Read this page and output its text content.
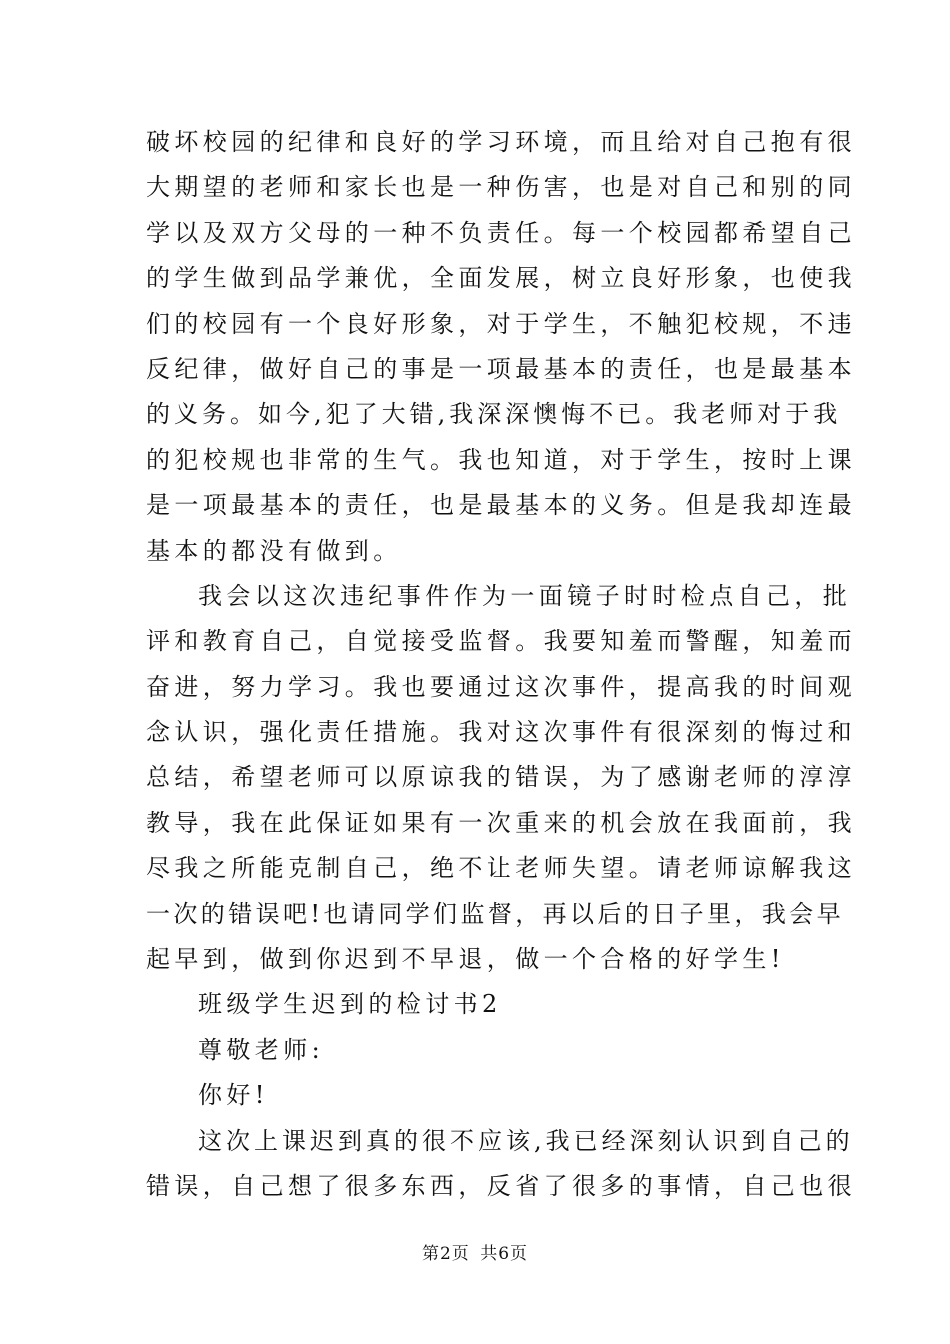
破坏校园的纪律和良好的学习环境，而且给对自己抱有很
大期望的老师和家长也是一种伤害，也是对自己和别的同
学以及双方父母的一种不负责任。每一个校园都希望自己
的学生做到品学兼优，全面发展，树立良好形象，也使我
们的校园有一个良好形象，对于学生，不触犯校规，不违
反纪律，做好自己的事是一项最基本的责任，也是最基本
的义务。如今,犯了大错,我深深懊悔不已。我老师对于我
的犯校规也非常的生气。我也知道，对于学生，按时上课
是一项最基本的责任，也是最基本的义务。但是我却连最
基本的都没有做到。
我会以这次违纪事件作为一面镜子时时检点自己，批
评和教育自己，自觉接受监督。我要知羞而警醒，知羞而
奋进，努力学习。我也要通过这次事件，提高我的时间观
念认识，强化责任措施。我对这次事件有很深刻的悔过和
总结，希望老师可以原谅我的错误，为了感谢老师的淳淳
教导，我在此保证如果有一次重来的机会放在我面前，我
尽我之所能克制自己，绝不让老师失望。请老师谅解我这
一次的错误吧!也请同学们监督，再以后的日子里，我会早
起早到，做到你迟到不早退，做一个合格的好学生!
班级学生迟到的检讨书2
尊敬老师:
你好!
这次上课迟到真的很不应该,我已经深刻认识到自己的
错误，自己想了很多东西，反省了很多的事情，自己也很
第2页 共6页
